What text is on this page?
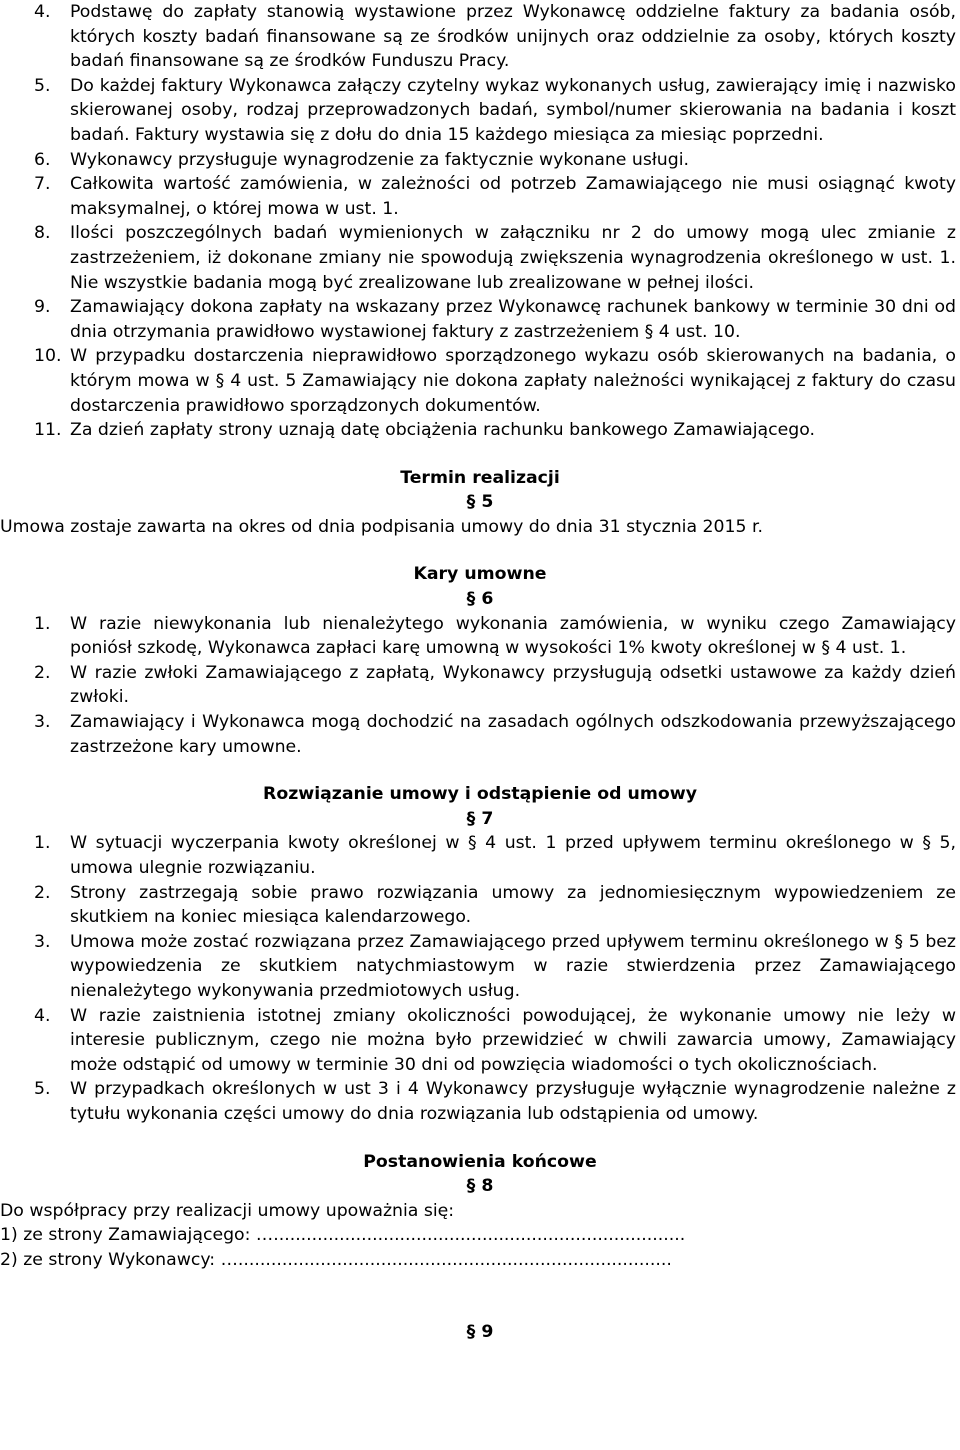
4. Podstawę do zapłaty stanowią wystawione przez Wykonawcę oddzielne faktury za badania osób, których koszty badań finansowane są ze środków unijnych oraz oddzielnie za osoby, których koszty badań finansowane są ze środków Funduszu Pracy.
5. Do każdej faktury Wykonawca załączy czytelny wykaz wykonanych usług, zawierający imię i nazwisko skierowanej osoby, rodzaj przeprowadzonych badań, symbol/numer skierowania na badania i koszt badań. Faktury wystawia się z dołu do dnia 15 każdego miesiąca za miesiąc poprzedni.
6. Wykonawcy przysługuje wynagrodzenie za faktycznie wykonane usługi.
7. Całkowita wartość zamówienia, w zależności od potrzeb Zamawiającego nie musi osiągnąć kwoty maksymalnej, o której mowa w ust. 1.
8. Ilości poszczególnych badań wymienionych w załączniku nr 2 do umowy mogą ulec zmianie z zastrzeżeniem, iż dokonane zmiany nie spowodują zwiększenia wynagrodzenia określonego w ust. 1. Nie wszystkie badania mogą być zrealizowane lub zrealizowane w pełnej ilości.
9. Zamawiający dokona zapłaty na wskazany przez Wykonawcę rachunek bankowy w terminie 30 dni od dnia otrzymania prawidłowo wystawionej faktury z zastrzeżeniem § 4 ust. 10.
10. W przypadku dostarczenia nieprawidłowo sporządzonego wykazu osób skierowanych na badania, o którym mowa w § 4 ust. 5 Zamawiający nie dokona zapłaty należności wynikającej z faktury do czasu dostarczenia prawidłowo sporządzonych dokumentów.
11. Za dzień zapłaty strony uznają datę obciążenia rachunku bankowego Zamawiającego.
Termin realizacji
§ 5
Umowa zostaje zawarta na okres od dnia podpisania umowy do dnia 31 stycznia 2015 r.
Kary umowne
§ 6
1. W razie niewykonania lub nienależytego wykonania zamówienia, w wyniku czego Zamawiający poniósł szkodę, Wykonawca zapłaci karę umowną w wysokości 1% kwoty określonej w § 4 ust. 1.
2. W razie zwłoki Zamawiającego z zapłatą, Wykonawcy przysługują odsetki ustawowe za każdy dzień zwłoki.
3. Zamawiający i Wykonawca mogą dochodzić na zasadach ogólnych odszkodowania przewyższającego zastrzeżone kary umowne.
Rozwiązanie umowy i odstąpienie od umowy
§ 7
1. W sytuacji wyczerpania kwoty określonej w § 4 ust. 1 przed upływem terminu określonego w § 5, umowa ulegnie rozwiązaniu.
2. Strony zastrzegają sobie prawo rozwiązania umowy za jednomiesięcznym wypowiedzeniem ze skutkiem na koniec miesiąca kalendarzowego.
3. Umowa może zostać rozwiązana przez Zamawiającego przed upływem terminu określonego w § 5 bez wypowiedzenia ze skutkiem natychmiastowym w razie stwierdzenia przez Zamawiającego nienależytego wykonywania przedmiotowych usług.
4. W razie zaistnienia istotnej zmiany okoliczności powodującej, że wykonanie umowy nie leży w interesie publicznym, czego nie można było przewidzieć w chwili zawarcia umowy, Zamawiający może odstąpić od umowy w terminie 30 dni od powzięcia wiadomości o tych okolicznościach.
5. W przypadkach określonych w ust 3 i 4 Wykonawcy przysługuje wyłącznie wynagrodzenie należne z tytułu wykonania części umowy do dnia rozwiązania lub odstąpienia od umowy.
Postanowienia końcowe
§ 8
Do współpracy przy realizacji umowy upoważnia się:
1) ze strony Zamawiającego: …...........................................................................
2) ze strony Wykonawcy: …...............................................................................
§ 9
